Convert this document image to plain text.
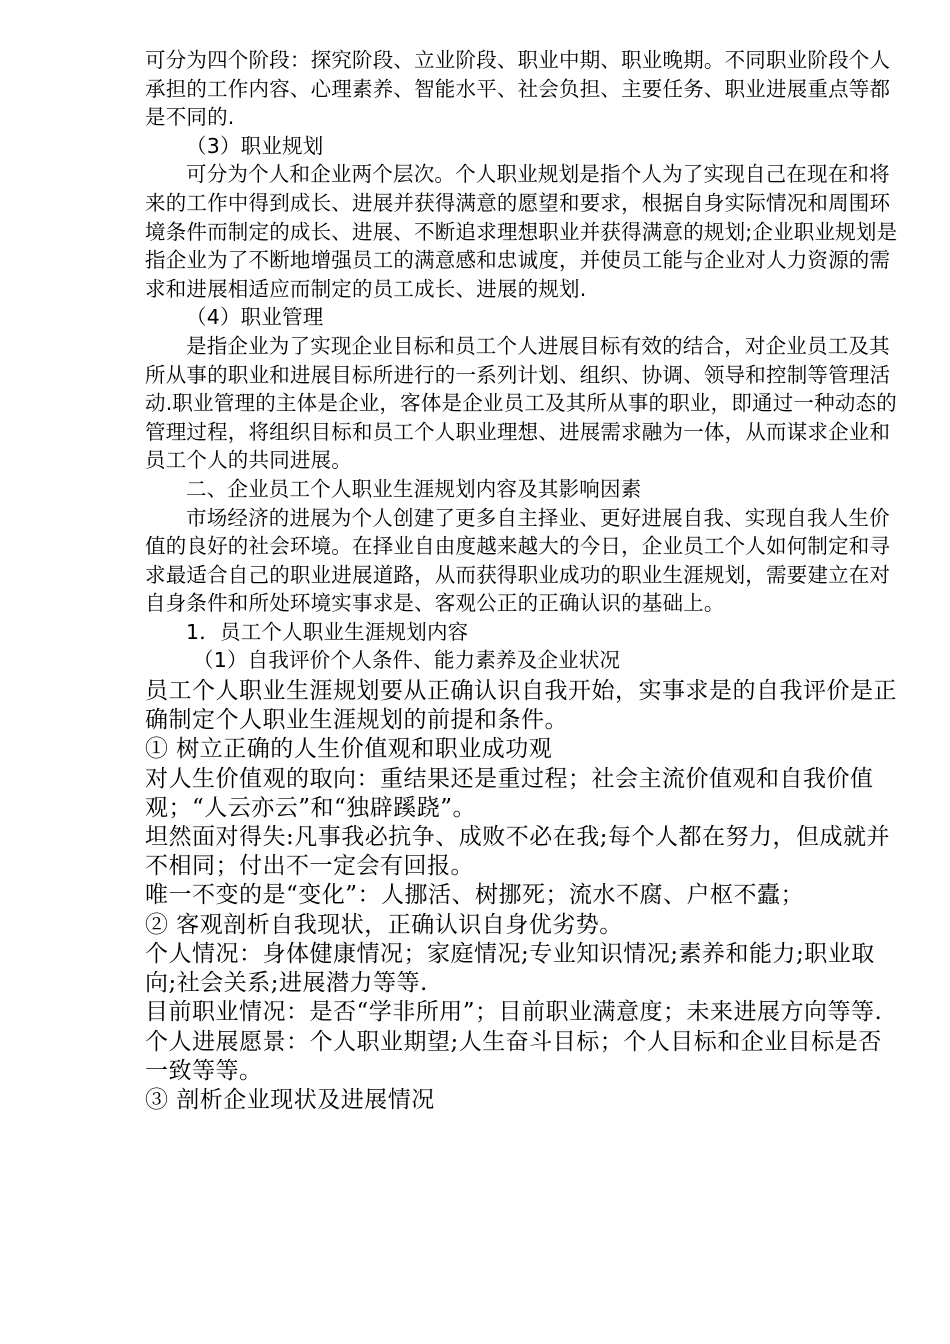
可分为四个阶段：探究阶段、立业阶段、职业中期、职业晚期。不同职业阶段个人承担的工作内容、心理素养、智能水平、社会负担、主要任务、职业进展重点等都是不同的.

（3）职业规划

可分为个人和企业两个层次。个人职业规划是指个人为了实现自己在现在和将来的工作中得到成长、进展并获得满意的愿望和要求，根据自身实际情况和周围环境条件而制定的成长、进展、不断追求理想职业并获得满意的规划;企业职业规划是指企业为了不断地增强员工的满意感和忠诚度，并使员工能与企业对人力资源的需求和进展相适应而制定的员工成长、进展的规划.

（4）职业管理

是指企业为了实现企业目标和员工个人进展目标有效的结合，对企业员工及其所从事的职业和进展目标所进行的一系列计划、组织、协调、领导和控制等管理活动.职业管理的主体是企业，客体是企业员工及其所从事的职业，即通过一种动态的管理过程，将组织目标和员工个人职业理想、进展需求融为一体，从而谋求企业和员工个人的共同进展。

二、企业员工个人职业生涯规划内容及其影响因素

市场经济的进展为个人创建了更多自主择业、更好进展自我、实现自我人生价值的良好的社会环境。在择业自由度越来越大的今日，企业员工个人如何制定和寻求最适合自己的职业进展道路，从而获得职业成功的职业生涯规划，需要建立在对自身条件和所处环境实事求是、客观公正的正确认识的基础上。

1．员工个人职业生涯规划内容

（1）自我评价个人条件、能力素养及企业状况

员工个人职业生涯规划要从正确认识自我开始，实事求是的自我评价是正确制定个人职业生涯规划的前提和条件。

① 树立正确的人生价值观和职业成功观

对人生价值观的取向：重结果还是重过程；社会主流价值观和自我价值观；“人云亦云”和“独辟蹊跷”。

坦然面对得失:凡事我必抗争、成败不必在我;每个人都在努力，但成就并不相同；付出不一定会有回报。

唯一不变的是“变化”：人挪活、树挪死；流水不腐、户枢不蠹；

② 客观剖析自我现状，正确认识自身优劣势。

个人情况：身体健康情况；家庭情况;专业知识情况;素养和能力;职业取向;社会关系;进展潜力等等.

目前职业情况：是否“学非所用”；目前职业满意度；未来进展方向等等.

个人进展愿景：个人职业期望;人生奋斗目标；个人目标和企业目标是否一致等等。

③ 剖析企业现状及进展情况
